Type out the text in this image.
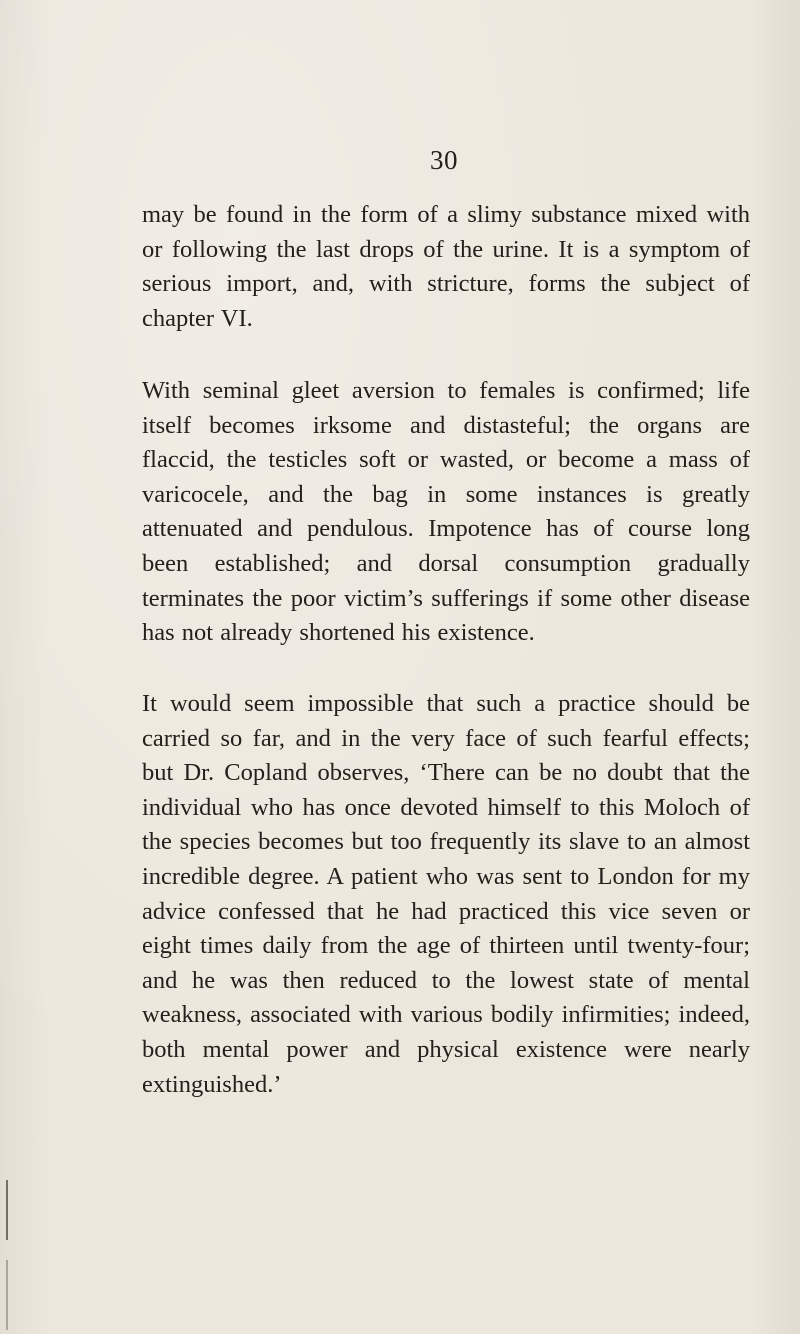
30

may be found in the form of a slimy substance mixed with or following the last drops of the urine. It is a symptom of serious import, and, with stricture, forms the subject of chapter VI.

With seminal gleet aversion to females is confirmed; life itself becomes irksome and distasteful; the organs are flaccid, the testicles soft or wasted, or become a mass of varicocele, and the bag in some instances is greatly attenuated and pendulous. Impotence has of course long been established; and dorsal consumption gradually terminates the poor victim’s sufferings if some other disease has not already shortened his existence.

It would seem impossible that such a practice should be carried so far, and in the very face of such fearful effects; but Dr. Copland observes, ‘There can be no doubt that the individual who has once devoted himself to this Moloch of the species becomes but too frequently its slave to an almost incredible degree. A patient who was sent to London for my advice confessed that he had practiced this vice seven or eight times daily from the age of thirteen until twenty-four; and he was then reduced to the lowest state of mental weakness, associated with various bodily infirmities; indeed, both mental power and physical existence were nearly extinguished.’
